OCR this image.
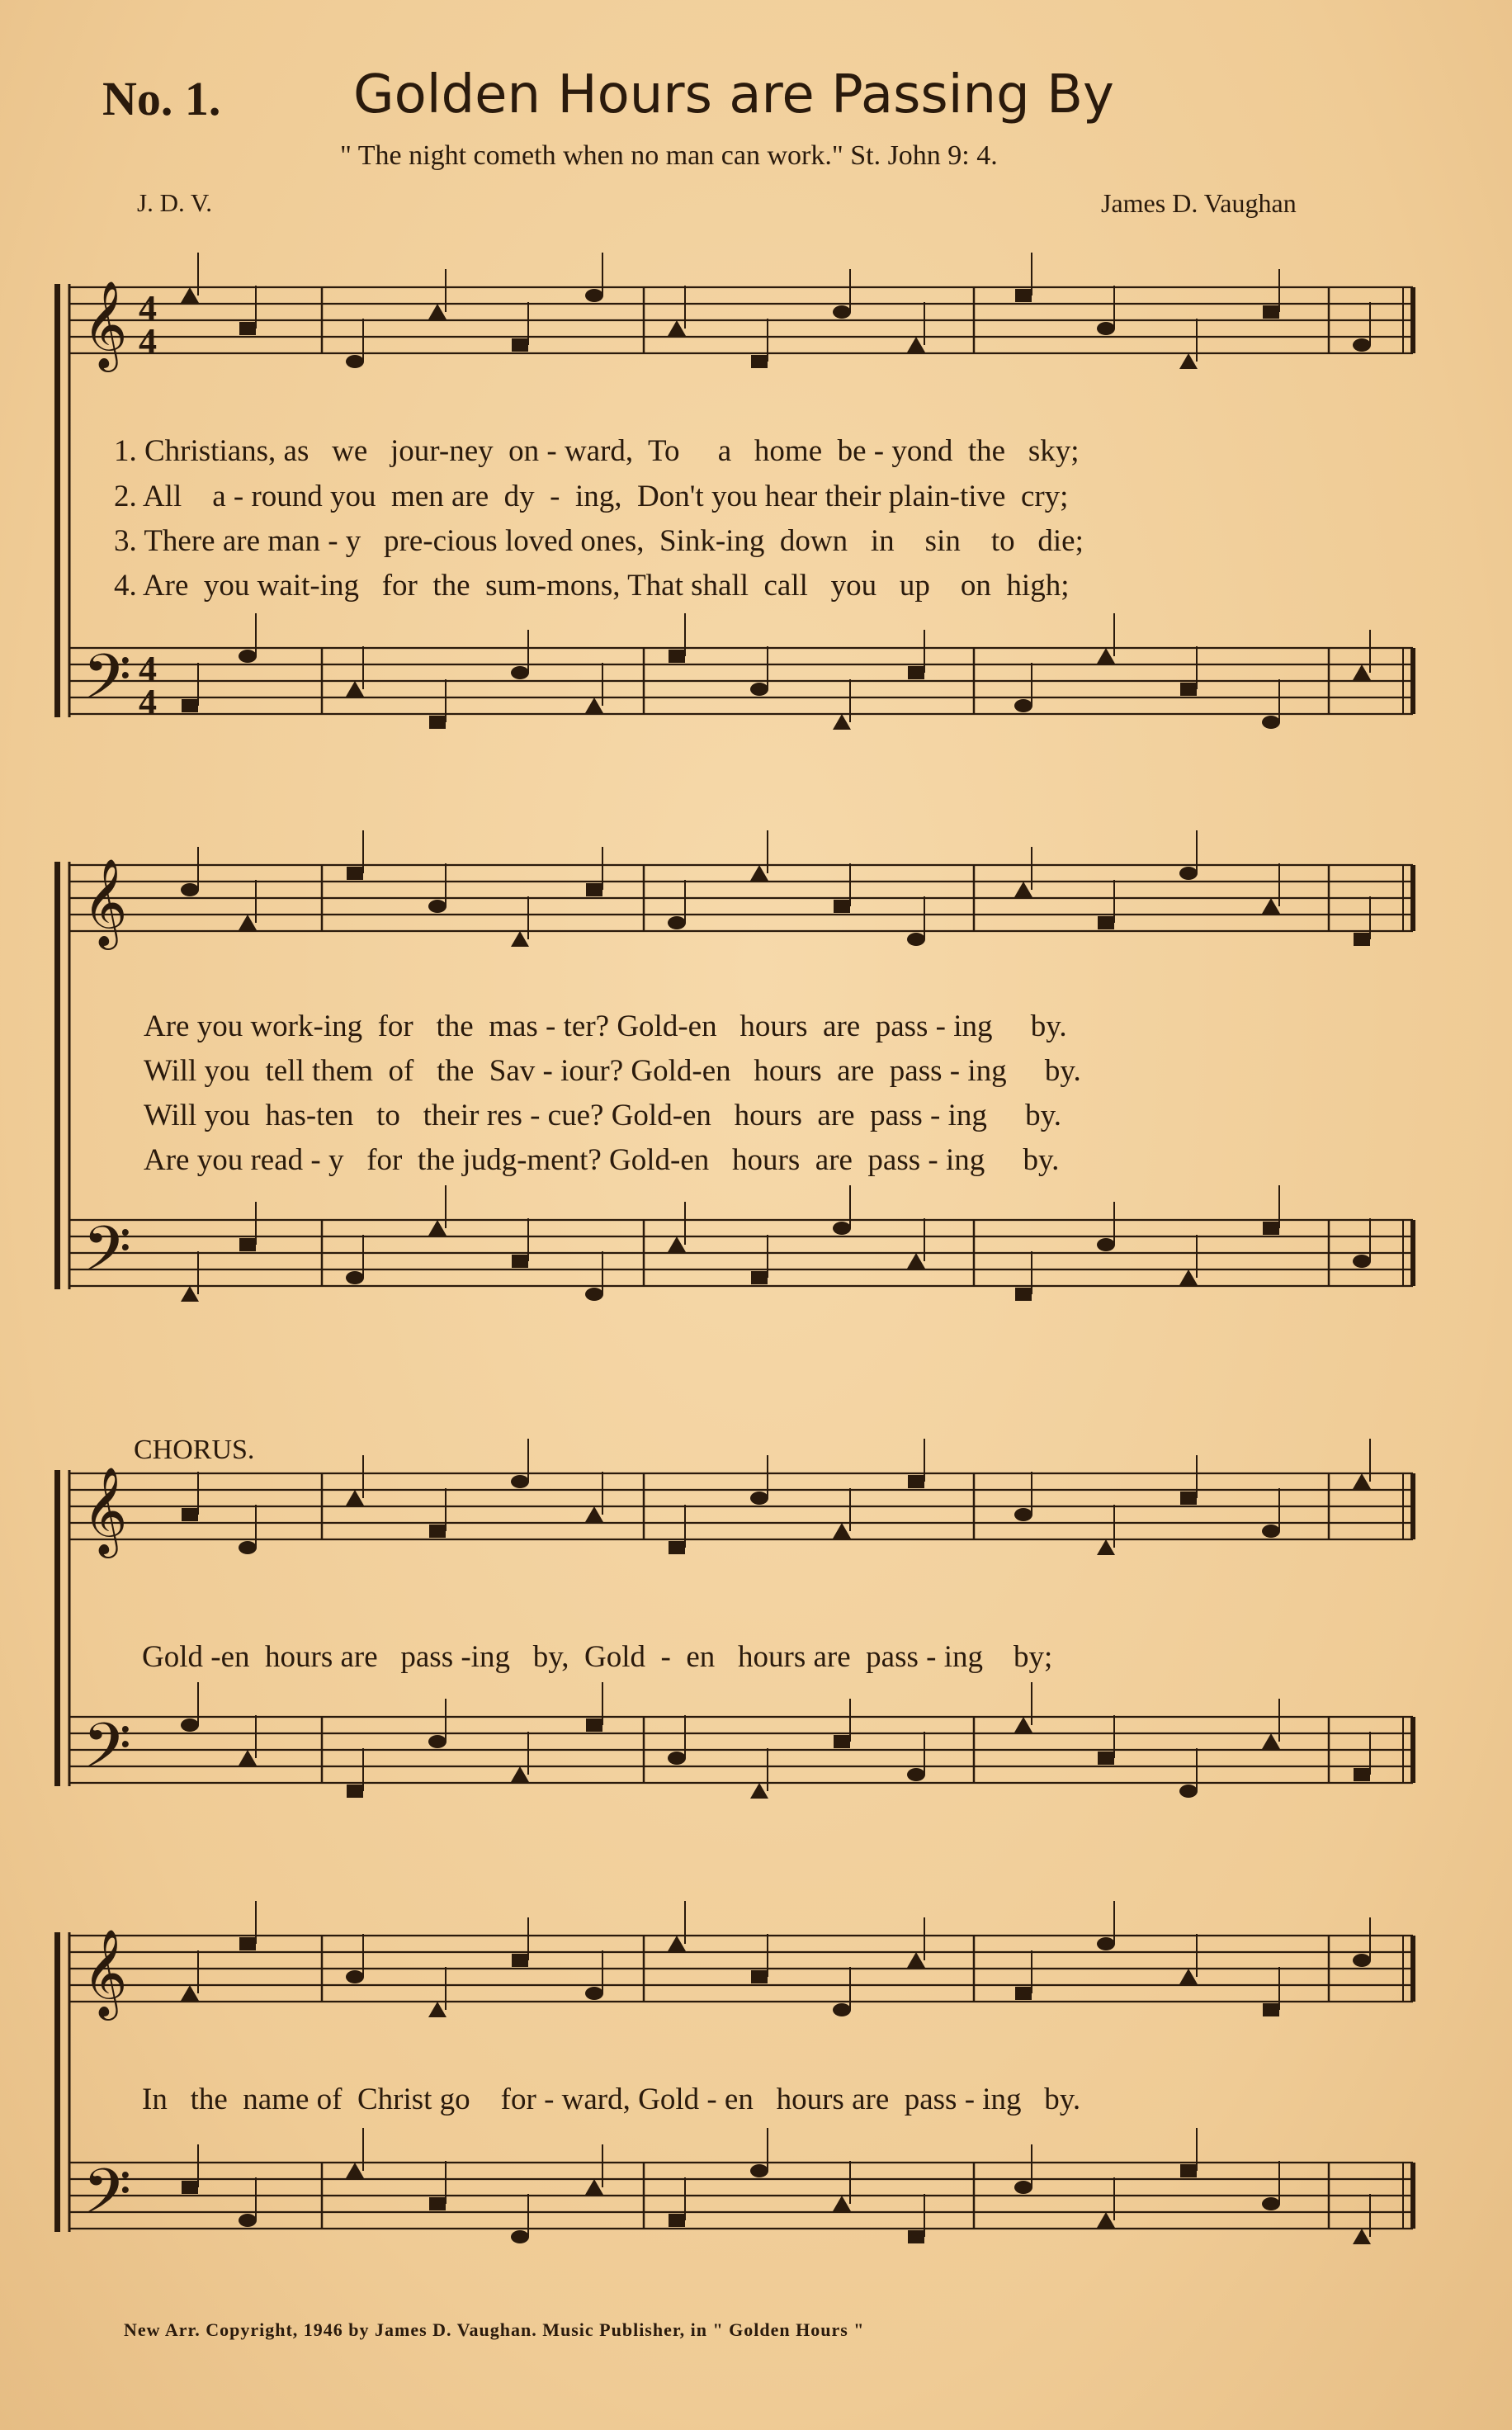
No. 1.	Golden Hours are Passing By
" The night cometh when no man can work." St. John 9: 4.
J. D. V.	James D. Vaughan
𝄞 4
4
𝄢 4
4
𝄞
𝄢
𝄞
𝄢
𝄞
𝄢
1. Christians, as   we   jour-ney  on - ward,  To     a   home  be - yond  the   sky;
2. All    a - round you  men are  dy  -  ing,  Don't you hear their plain-tive  cry;
3. There are man - y   pre-cious loved ones,  Sink-ing  down   in    sin    to   die;
4. Are  you wait-ing   for  the  sum-mons, That shall  call   you   up    on  high;
Are you work-ing  for   the  mas - ter? Gold-en   hours  are  pass - ing     by.
Will you  tell them  of   the  Sav - iour? Gold-en   hours  are  pass - ing     by.
Will you  has-ten   to   their res - cue? Gold-en   hours  are  pass - ing     by.
Are you read - y   for  the judg-ment? Gold-en   hours  are  pass - ing     by.
CHORUS.
Gold -en  hours are   pass -ing   by,  Gold  -  en   hours are  pass - ing    by;
In   the  name of  Christ go    for - ward, Gold - en   hours are  pass - ing   by.
New Arr. Copyright, 1946 by James D. Vaughan. Music Publisher, in " Golden Hours "
